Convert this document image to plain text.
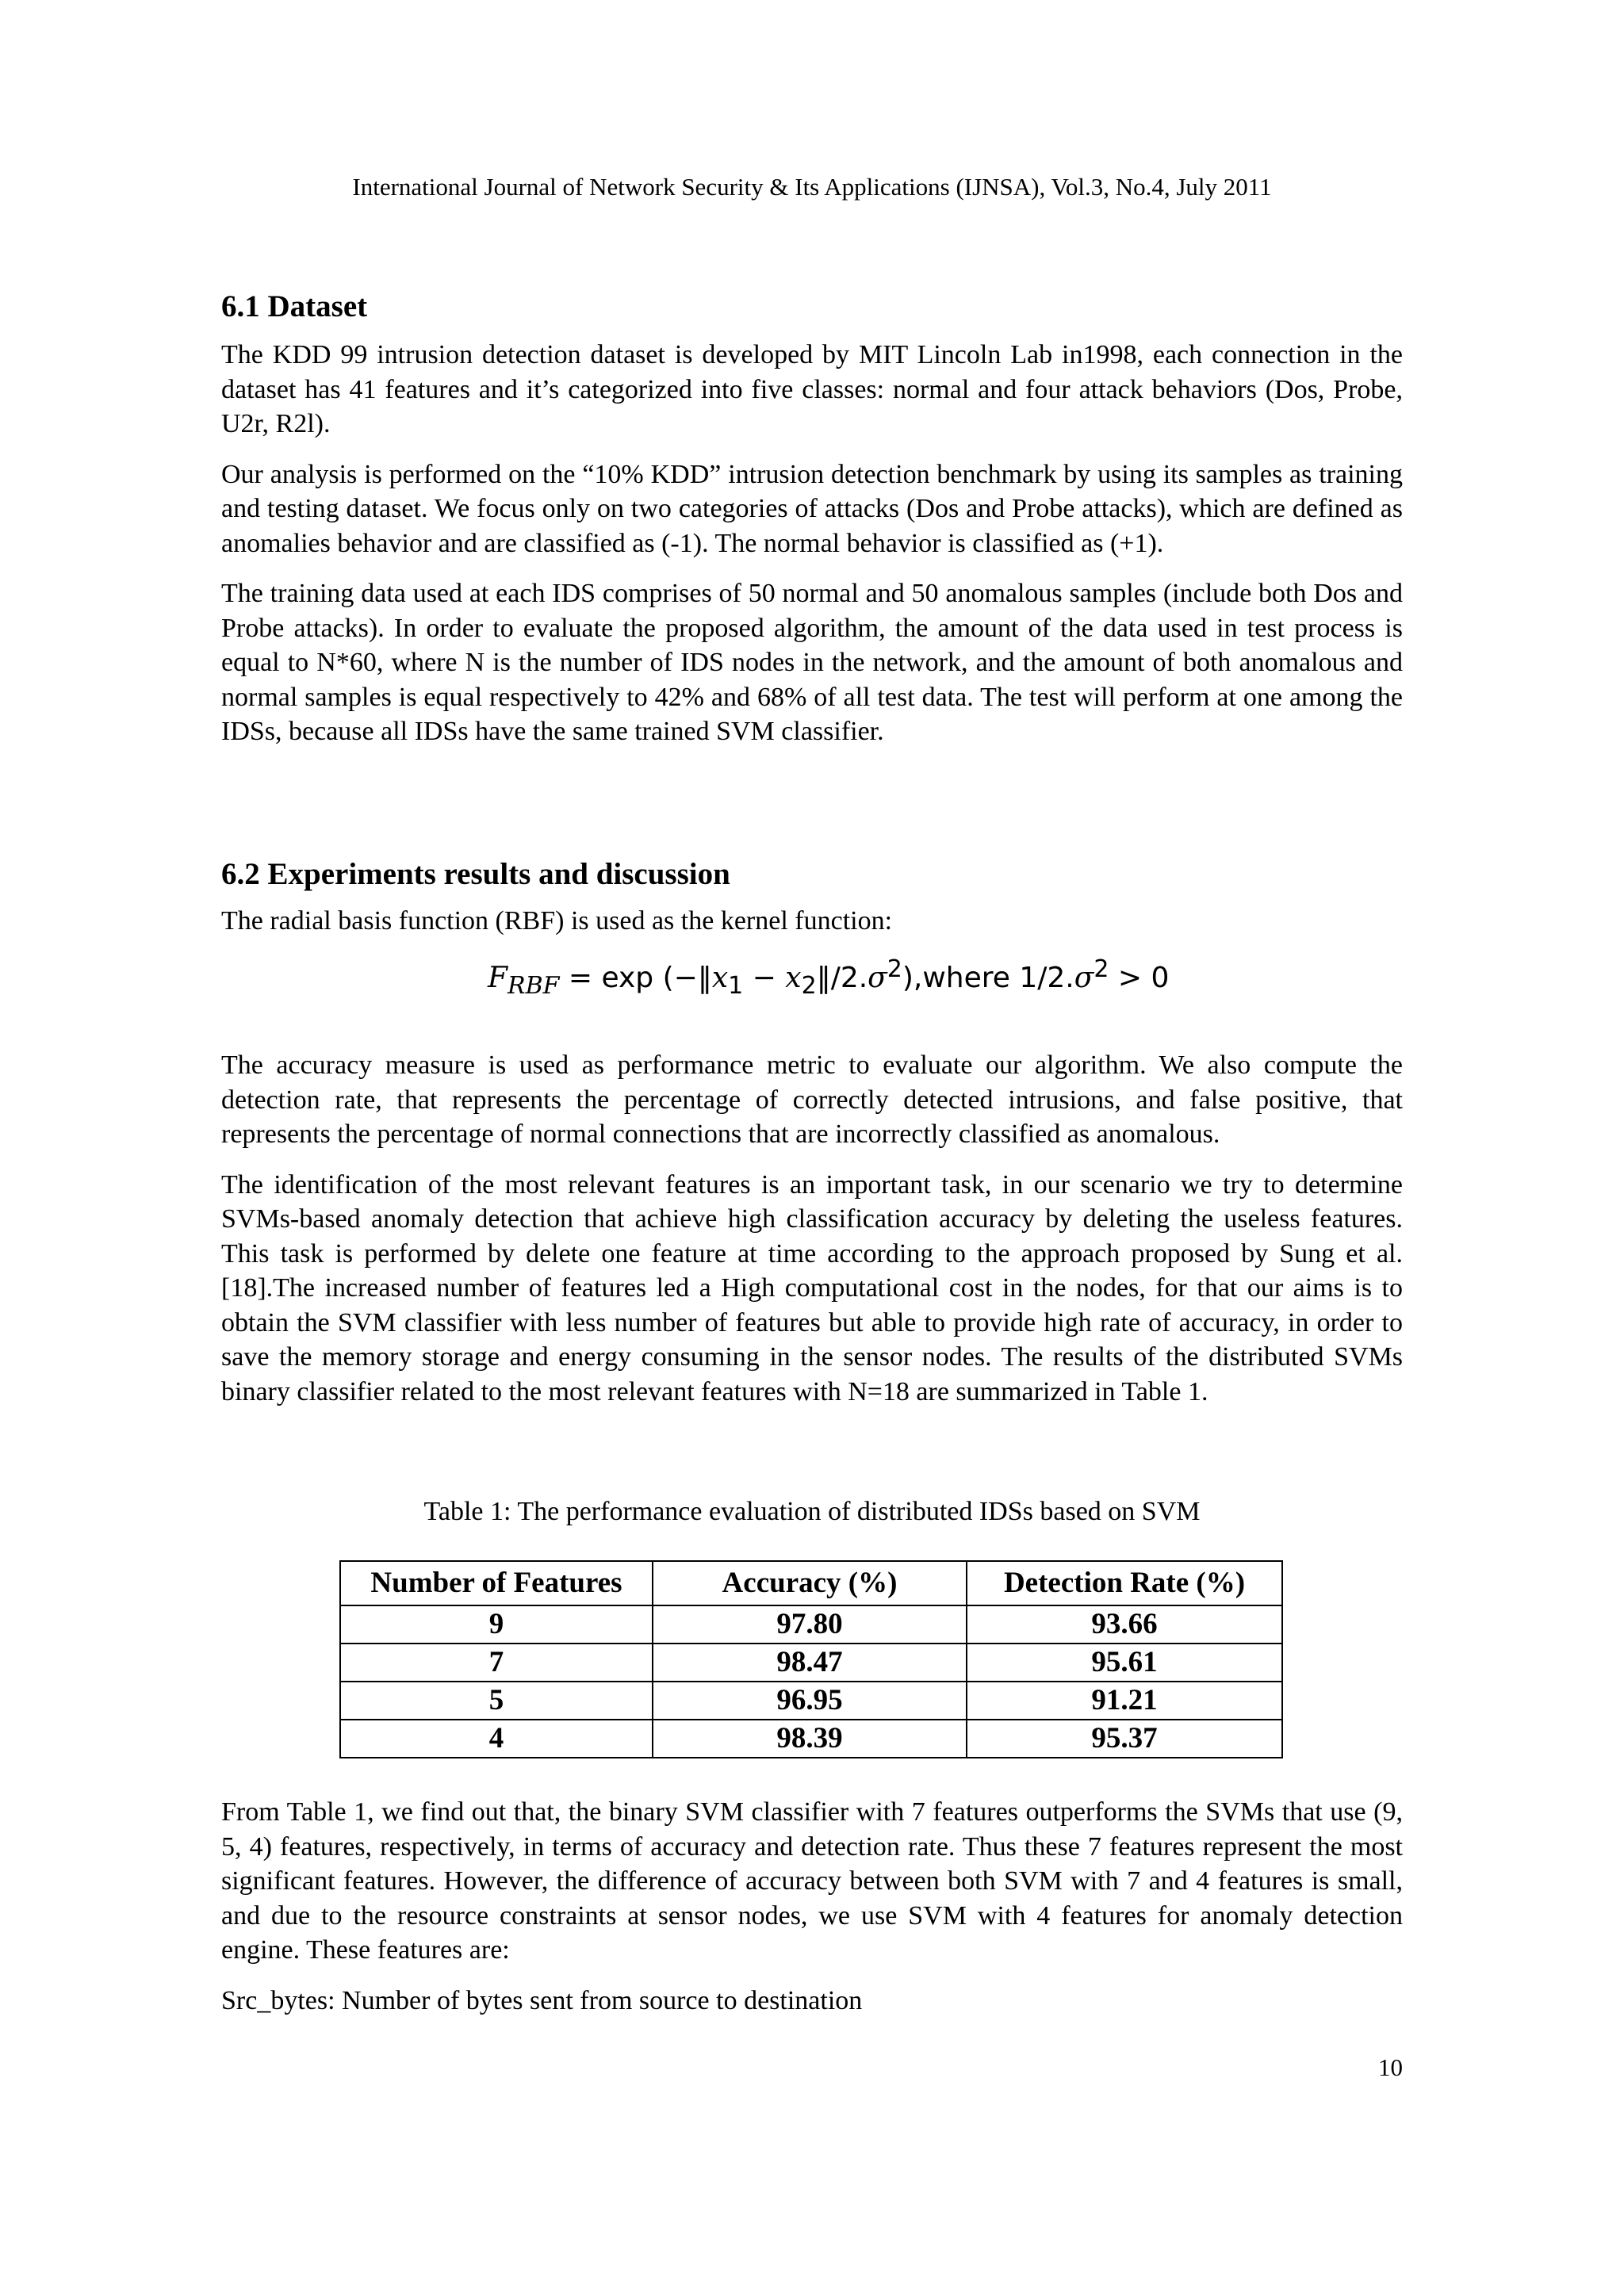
International Journal of Network Security & Its Applications (IJNSA), Vol.3, No.4, July 2011
6.1 Dataset

The KDD 99 intrusion detection dataset is developed by MIT Lincoln Lab in1998, each connection in the dataset has 41 features and it’s categorized into five classes: normal and four attack behaviors (Dos, Probe, U2r, R2l).

Our analysis is performed on the “10% KDD” intrusion detection benchmark by using its samples as training and testing dataset. We focus only on two categories of attacks (Dos and Probe attacks), which are defined as anomalies behavior and are classified as (-1). The normal behavior is classified as (+1).

The training data used at each IDS comprises of 50 normal and 50 anomalous samples (include both Dos and Probe attacks). In order to evaluate the proposed algorithm, the amount of the data used in test process is equal to N*60, where N is the number of IDS nodes in the network, and the amount of both anomalous and normal samples is equal respectively to 42% and 68% of all test data. The test will perform at one among the IDSs, because all IDSs have the same trained SVM classifier.

6.2 Experiments results and discussion

The radial basis function (RBF) is used as the kernel function:

$F_{RBF} = \exp$ ($-‖x_1$ − $x_2‖/2.\sigma^2),where$ $1/2.\sigma^2 > 0$

The accuracy measure is used as performance metric to evaluate our algorithm. We also compute the detection rate, that represents the percentage of correctly detected intrusions, and false positive, that represents the percentage of normal connections that are incorrectly classified as anomalous.

The identification of the most relevant features is an important task, in our scenario we try to determine SVMs-based anomaly detection that achieve high classification accuracy by deleting the useless features. This task is performed by delete one feature at time according to the approach proposed by Sung et al. [18].The increased number of features led a High computational cost in the nodes, for that our aims is to obtain the SVM classifier with less number of features but able to provide high rate of accuracy, in order to save the memory storage and energy consuming in the sensor nodes. The results of the distributed SVMs binary classifier related to the most relevant features with N=18 are summarized in Table 1.

Table 1: The performance evaluation of distributed IDSs based on SVM
Number of Features	Accuracy (%)	Detection Rate (%)
9	97.80	93.66
7	98.47	95.61
5	96.95	91.21
4	98.39	95.37

From Table 1, we find out that, the binary SVM classifier with 7 features outperforms the SVMs that use (9, 5, 4) features, respectively, in terms of accuracy and detection rate. Thus these 7 features represent the most significant features. However, the difference of accuracy between both SVM with 7 and 4 features is small, and due to the resource constraints at sensor nodes, we use SVM with 4 features for anomaly detection engine. These features are:

Src_bytes: Number of bytes sent from source to destination

10
